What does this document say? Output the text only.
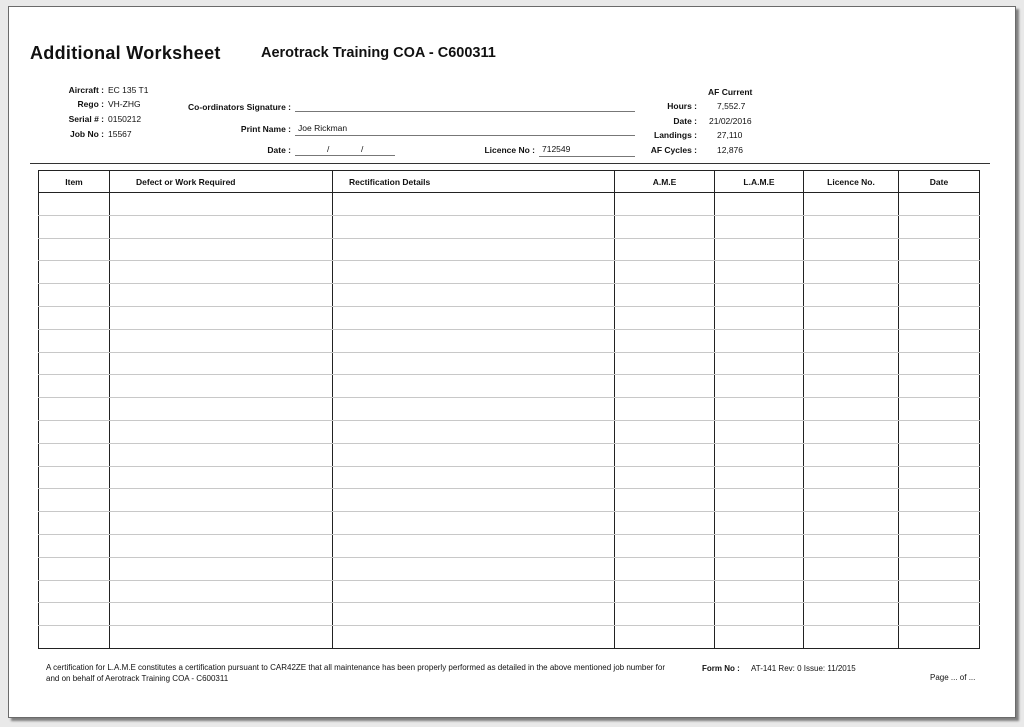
Additional Worksheet	Aerotrack Training COA - C600311
Aircraft : EC 135 T1
Rego : VH-ZHG
Serial # : 0150212
Job No : 15567
Co-ordinators Signature :
Print Name : Joe Rickman
Date :	/	/	Licence No : 712549
AF Current
Hours : 7,552.7
Date : 21/02/2016
Landings : 27,110
AF Cycles : 12,876
Item	Defect or Work Required	Rectification Details	A.M.E	L.A.M.E	Licence No.	Date

A certification for L.A.M.E constitutes a certification pursuant to CAR42ZE that all maintenance has been properly performed as detailed in the above mentioned job number for and on behalf of Aerotrack Training COA - C600311
Form No : AT-141 Rev: 0 Issue: 11/2015
Page ... of ...
